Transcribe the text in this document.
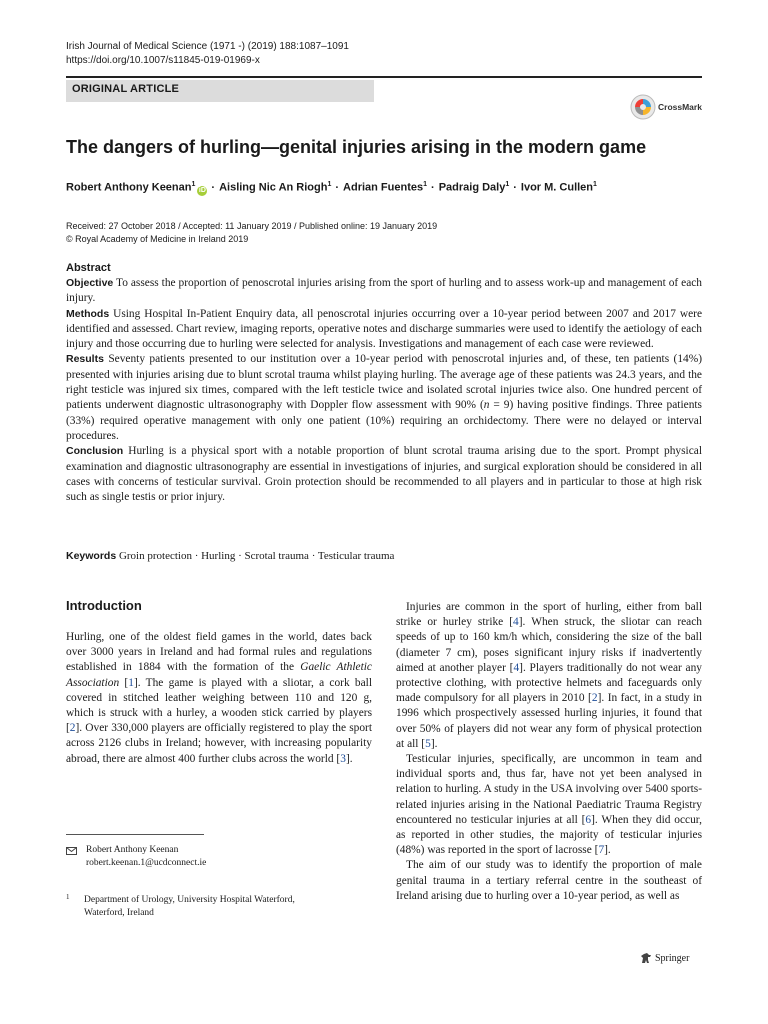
Irish Journal of Medical Science (1971 -) (2019) 188:1087–1091
https://doi.org/10.1007/s11845-019-01969-x
ORIGINAL ARTICLE
CrossMark
The dangers of hurling—genital injuries arising in the modern game
Robert Anthony Keenan$^1$iD · Aisling Nic An Riogh$^1$ · Adrian Fuentes$^1$ · Padraig Daly$^1$ · Ivor M. Cullen$^1$
Received: 27 October 2018 / Accepted: 11 January 2019 / Published online: 19 January 2019
© Royal Academy of Medicine in Ireland 2019
Abstract

Objective To assess the proportion of penoscrotal injuries arising from the sport of hurling and to assess work-up and management of each injury.

Methods Using Hospital In-Patient Enquiry data, all penoscrotal injuries occurring over a 10-year period between 2007 and 2017 were identified and assessed. Chart review, imaging reports, operative notes and discharge summaries were used to identify the aetiology of each injury and those occurring due to hurling were selected for analysis. Investigations and management of each case were reviewed.

Results Seventy patients presented to our institution over a 10-year period with penoscrotal injuries and, of these, ten patients (14%) presented with injuries arising due to blunt scrotal trauma whilst playing hurling. The average age of these patients was 24.3 years, and the right testicle was injured six times, compared with the left testicle twice and isolated scrotal injuries twice also. One hundred percent of patients underwent diagnostic ultrasonography with Doppler flow assessment with 90% (n = 9) having positive findings. Three patients (33%) required operative management with only one patient (10%) requiring an orchidectomy. There were no delayed or interval procedures.

Conclusion Hurling is a physical sport with a notable proportion of blunt scrotal trauma arising due to the sport. Prompt physical examination and diagnostic ultrasonography are essential in investigations of injuries, and surgical exploration should be considered in all cases with concerns of testicular survival. Groin protection should be recommended to all players and in particular to those at high risk such as single testis or prior injury.

Keywords Groin protection · Hurling · Scrotal trauma · Testicular trauma
Introduction

Hurling, one of the oldest field games in the world, dates back over 3000 years in Ireland and had formal rules and regulations established in 1884 with the formation of the Gaelic Athletic Association [1]. The game is played with a sliotar, a cork ball covered in stitched leather weighing between 110 and 120 g, which is struck with a hurley, a wooden stick carried by players [2]. Over 330,000 players are officially registered to play the sport across 2126 clubs in Ireland; however, with increasing popularity abroad, there are almost 400 further clubs across the world [3].

Injuries are common in the sport of hurling, either from ball strike or hurley strike [4]. When struck, the sliotar can reach speeds of up to 160 km/h which, considering the size of the ball (diameter 7 cm), poses significant injury risks if inadvertently aimed at another player [4]. Players traditionally do not wear any protective clothing, with protective helmets and faceguards only made compulsory for all players in 2010 [2]. In fact, in a study in 1996 which prospectively assessed hurling injuries, it found that over 50% of players did not wear any form of physical protection at all [5].

Testicular injuries, specifically, are uncommon in team and individual sports and, thus far, have not yet been analysed in relation to hurling. A study in the USA involving over 5400 sports-related injuries arising in the National Paediatric Trauma Registry encountered no testicular injuries at all [6]. When they did occur, as reported in other studies, the majority of testicular injuries (48%) was reported in the sport of lacrosse [7].

The aim of our study was to identify the proportion of male genital trauma in a tertiary referral centre in the southeast of Ireland arising due to hurling over a 10-year period, as well as

Robert Anthony Keenan
robert.keenan.1@ucdconnect.ie
1 Department of Urology, University Hospital Waterford,
Waterford, Ireland
Springer
